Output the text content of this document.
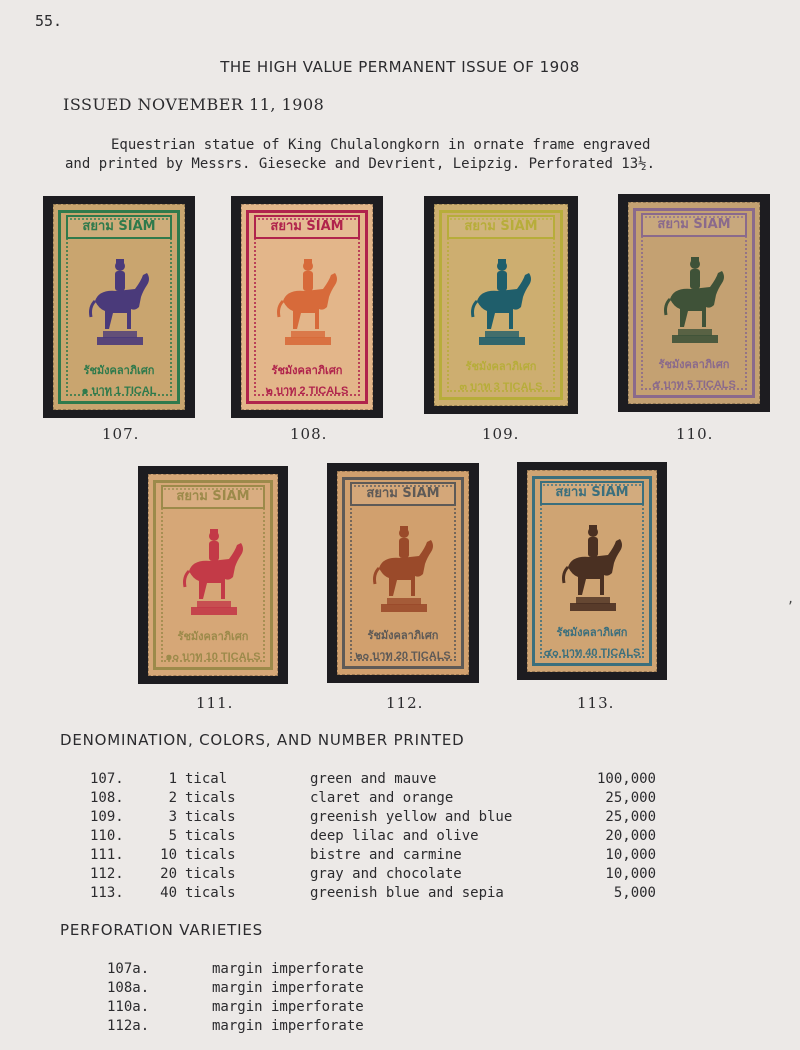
55.
THE HIGH VALUE PERMANENT ISSUE OF 1908
ISSUED NOVEMBER 11, 1908
Equestrian statue of King Chulalongkorn in ornate frame engraved
and printed by Messrs. Giesecke and Devrient, Leipzig. Perforated 13½.
สยาม SIAM
รัชมังคลาภิเศก
๑ บาท 1 TICAL
107.
สยาม SIAM
รัชมังคลาภิเศก
๒ บาท 2 TICALS
108.
สยาม SIAM
รัชมังคลาภิเศก
๓ บาท 3 TICALS
109.
สยาม SIAM
รัชมังคลาภิเศก
๕ บาท 5 TICALS
110.
สยาม SIAM
รัชมังคลาภิเศก
๑๐ บาท 10 TICALS
111.
สยาม SIAM
รัชมังคลาภิเศก
๒๐ บาท 20 TICALS
112.
สยาม SIAM
รัชมังคลาภิเศก
๔๐ บาท 40 TICALS
113.
DENOMINATION, COLORS, AND NUMBER PRINTED
107.	1 tical	green and mauve	100,000
108.	2 ticals	claret and orange	25,000
109.	3 ticals	greenish yellow and blue	25,000
110.	5 ticals	deep lilac and olive	20,000
111.	10 ticals	bistre and carmine	10,000
112.	20 ticals	gray and chocolate	10,000
113.	40 ticals	greenish blue and sepia	5,000
PERFORATION VARIETIES
107a.	margin imperforate
108a.	margin imperforate
110a.	margin imperforate
112a.	margin imperforate
,
